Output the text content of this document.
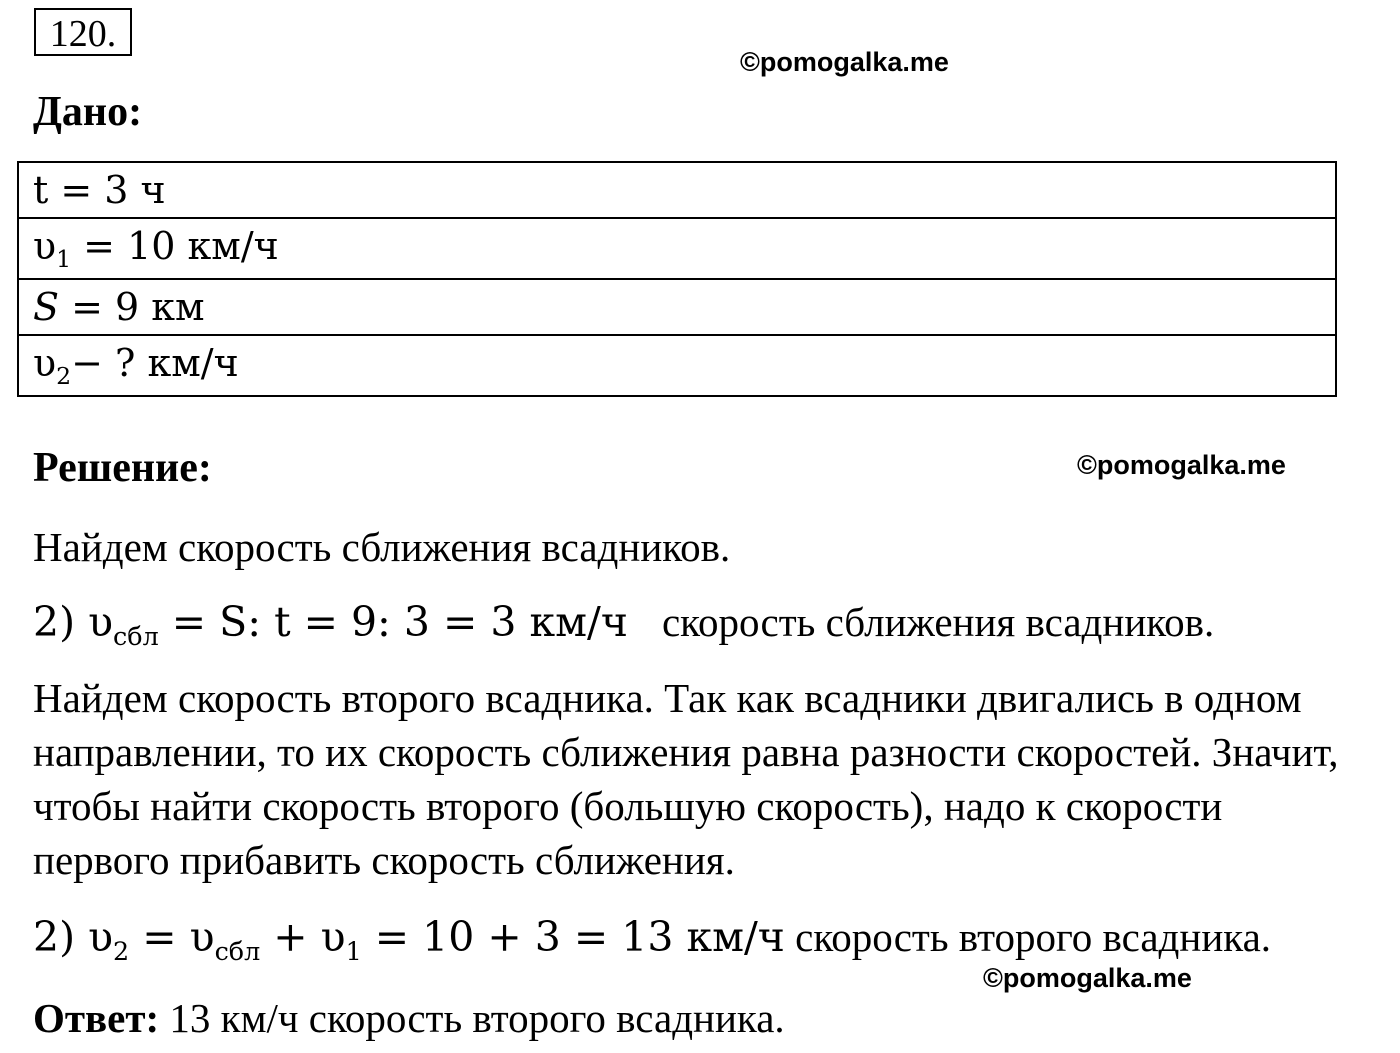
120.
©pomogalka.me
Дано:
t = 3 ч
$\upsilon_1 = 10$ км/ч
S = 9 км
$\upsilon_2-$ ? км/ч
Решение:	©pomogalka.me
Найдем скорость сближения всадников.
2) $\upsilon_{сбл} = S$: t = 9: 3 = 3 км/ч скорость сближения всадников.
Найдем скорость второго всадника. Так как всадники двигались в одном направлении, то их скорость сближения равна разности скоростей. Значит, чтобы найти скорость второго (большую скорость), надо к скорости первого прибавить скорость сближения.
2) $\upsilon_2 = \upsilon_{сбл} + \upsilon_1 = 10 + 3 = 13$ км/ч скорость второго всадника.
©pomogalka.me
Ответ: 13 км/ч скорость второго всадника.
